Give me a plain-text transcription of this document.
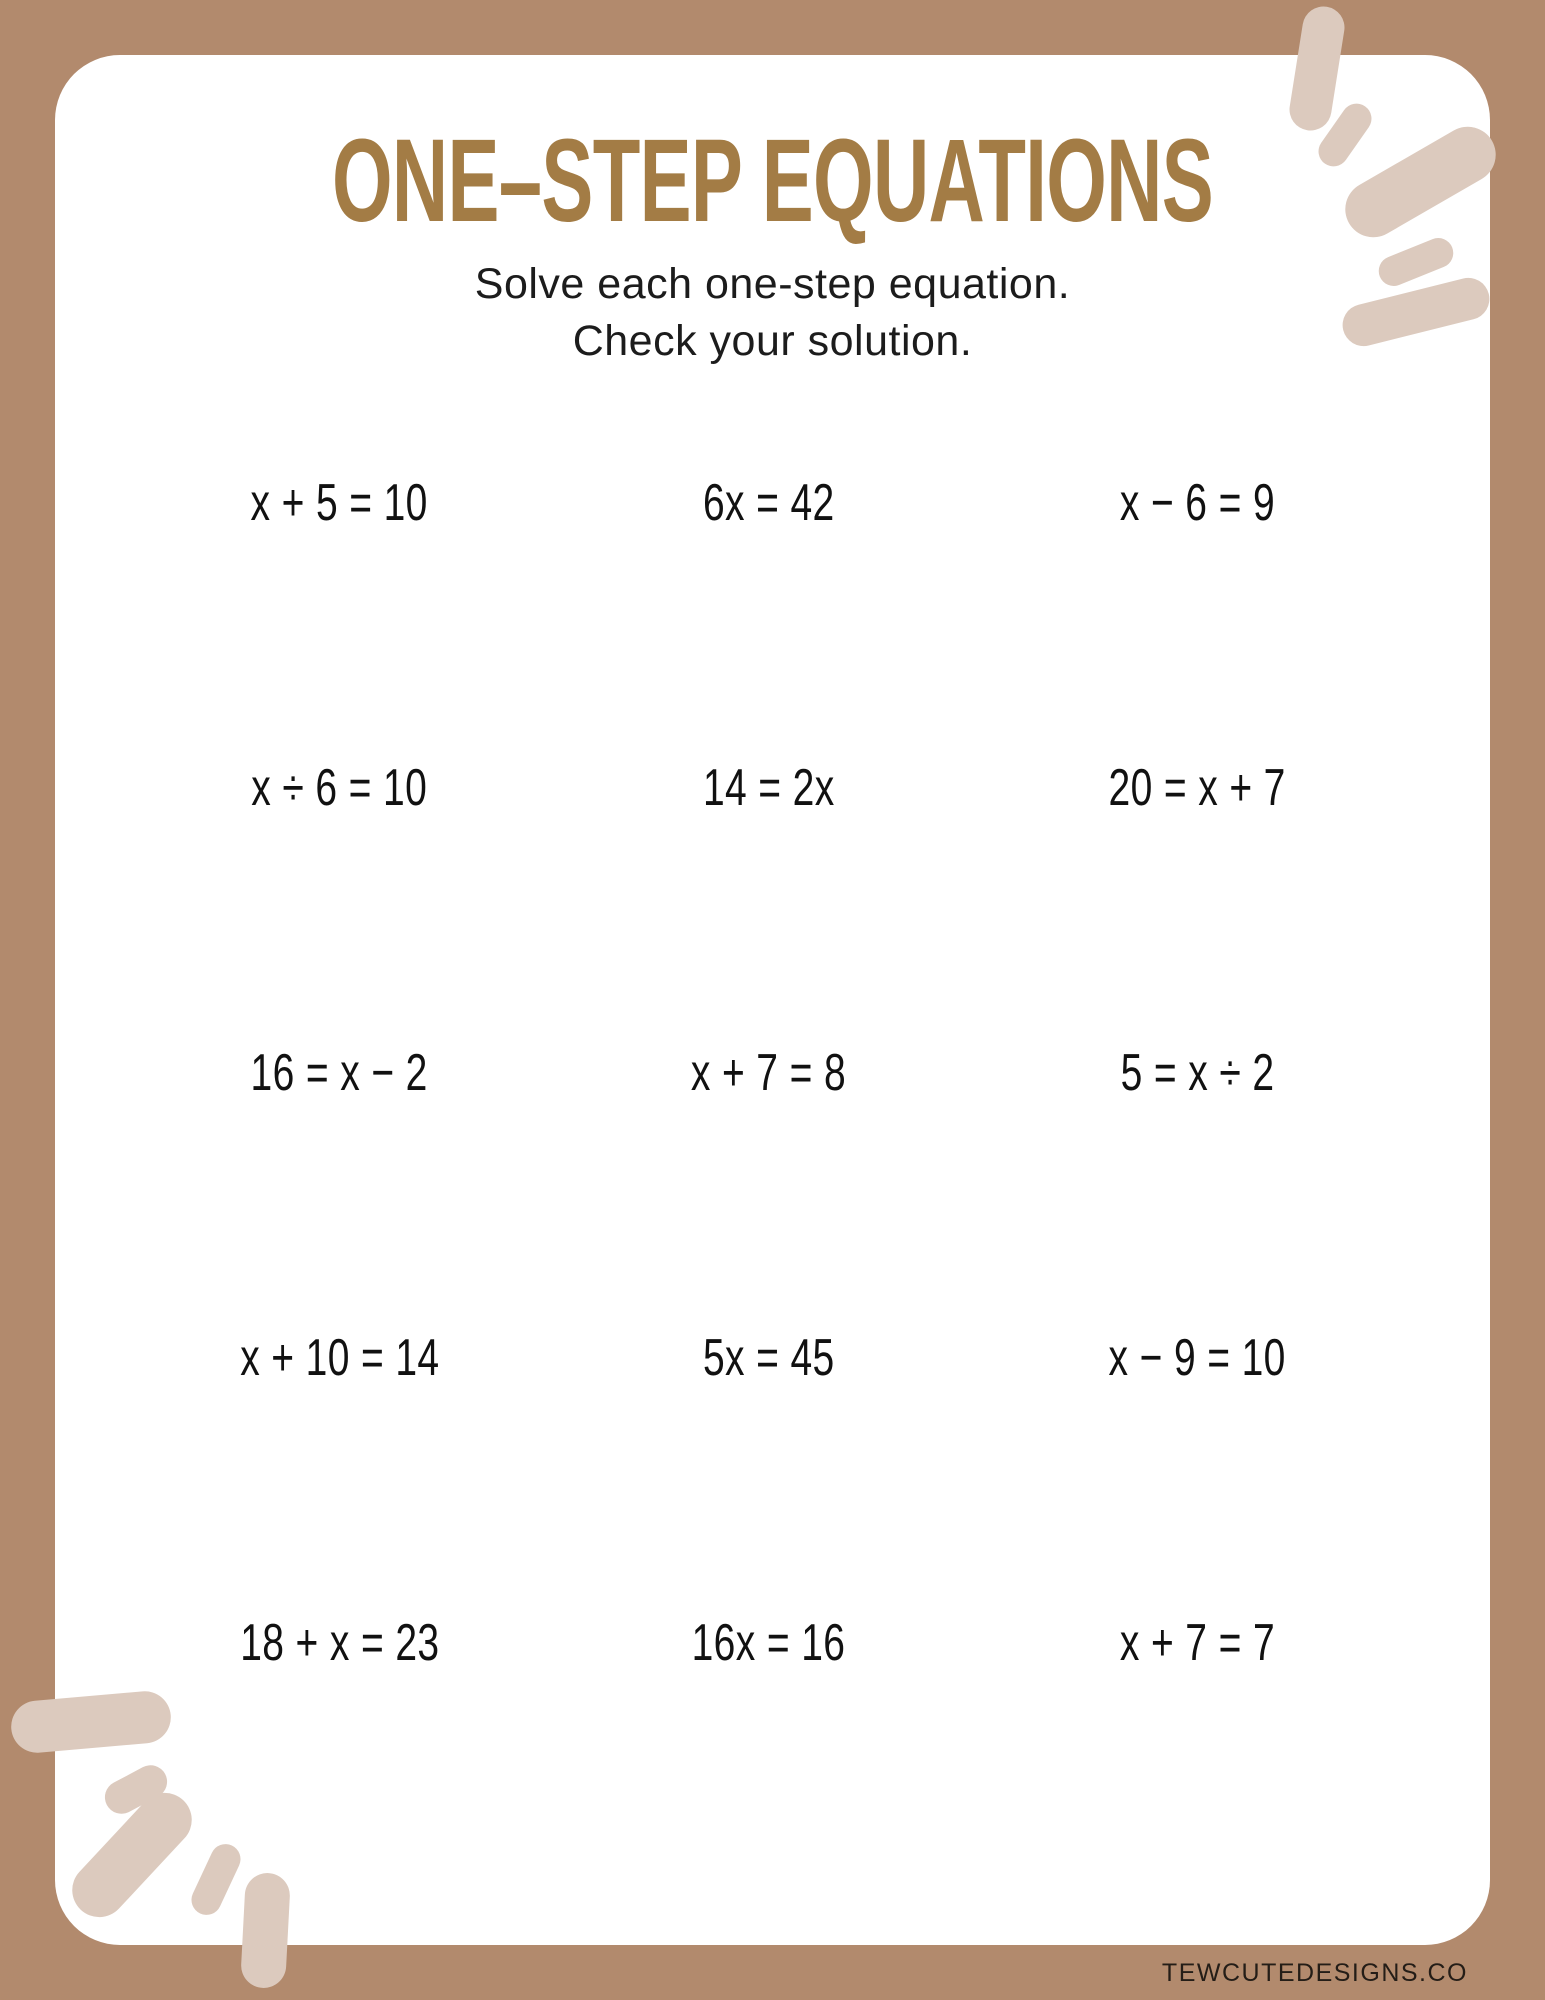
ONE–STEP EQUATIONS

Solve each one-step equation.
Check your solution.

x + 5 = 10	6x = 42	x − 6 = 9
x ÷ 6 = 10	14 = 2x	20 = x + 7
16 = x − 2	x + 7 = 8	5 = x ÷ 2
x + 10 = 14	5x = 45	x − 9 = 10
18 + x = 23	16x = 16	x + 7 = 7
TEWCUTEDESIGNS.CO
